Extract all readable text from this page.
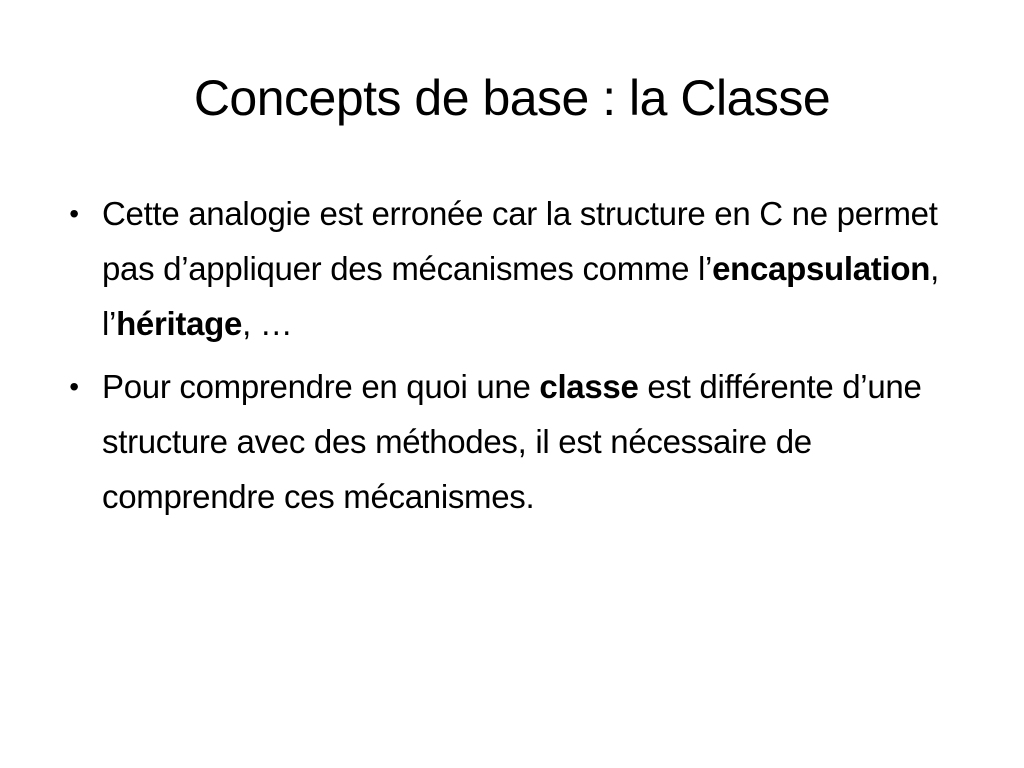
Concepts de base : la Classe
• Cette analogie est erronée car la structure en C ne permet pas d’appliquer des mécanismes comme l’encapsulation, l’héritage, …
• Pour comprendre en quoi une classe est différente d’une structure avec des méthodes, il est nécessaire de comprendre ces mécanismes.
